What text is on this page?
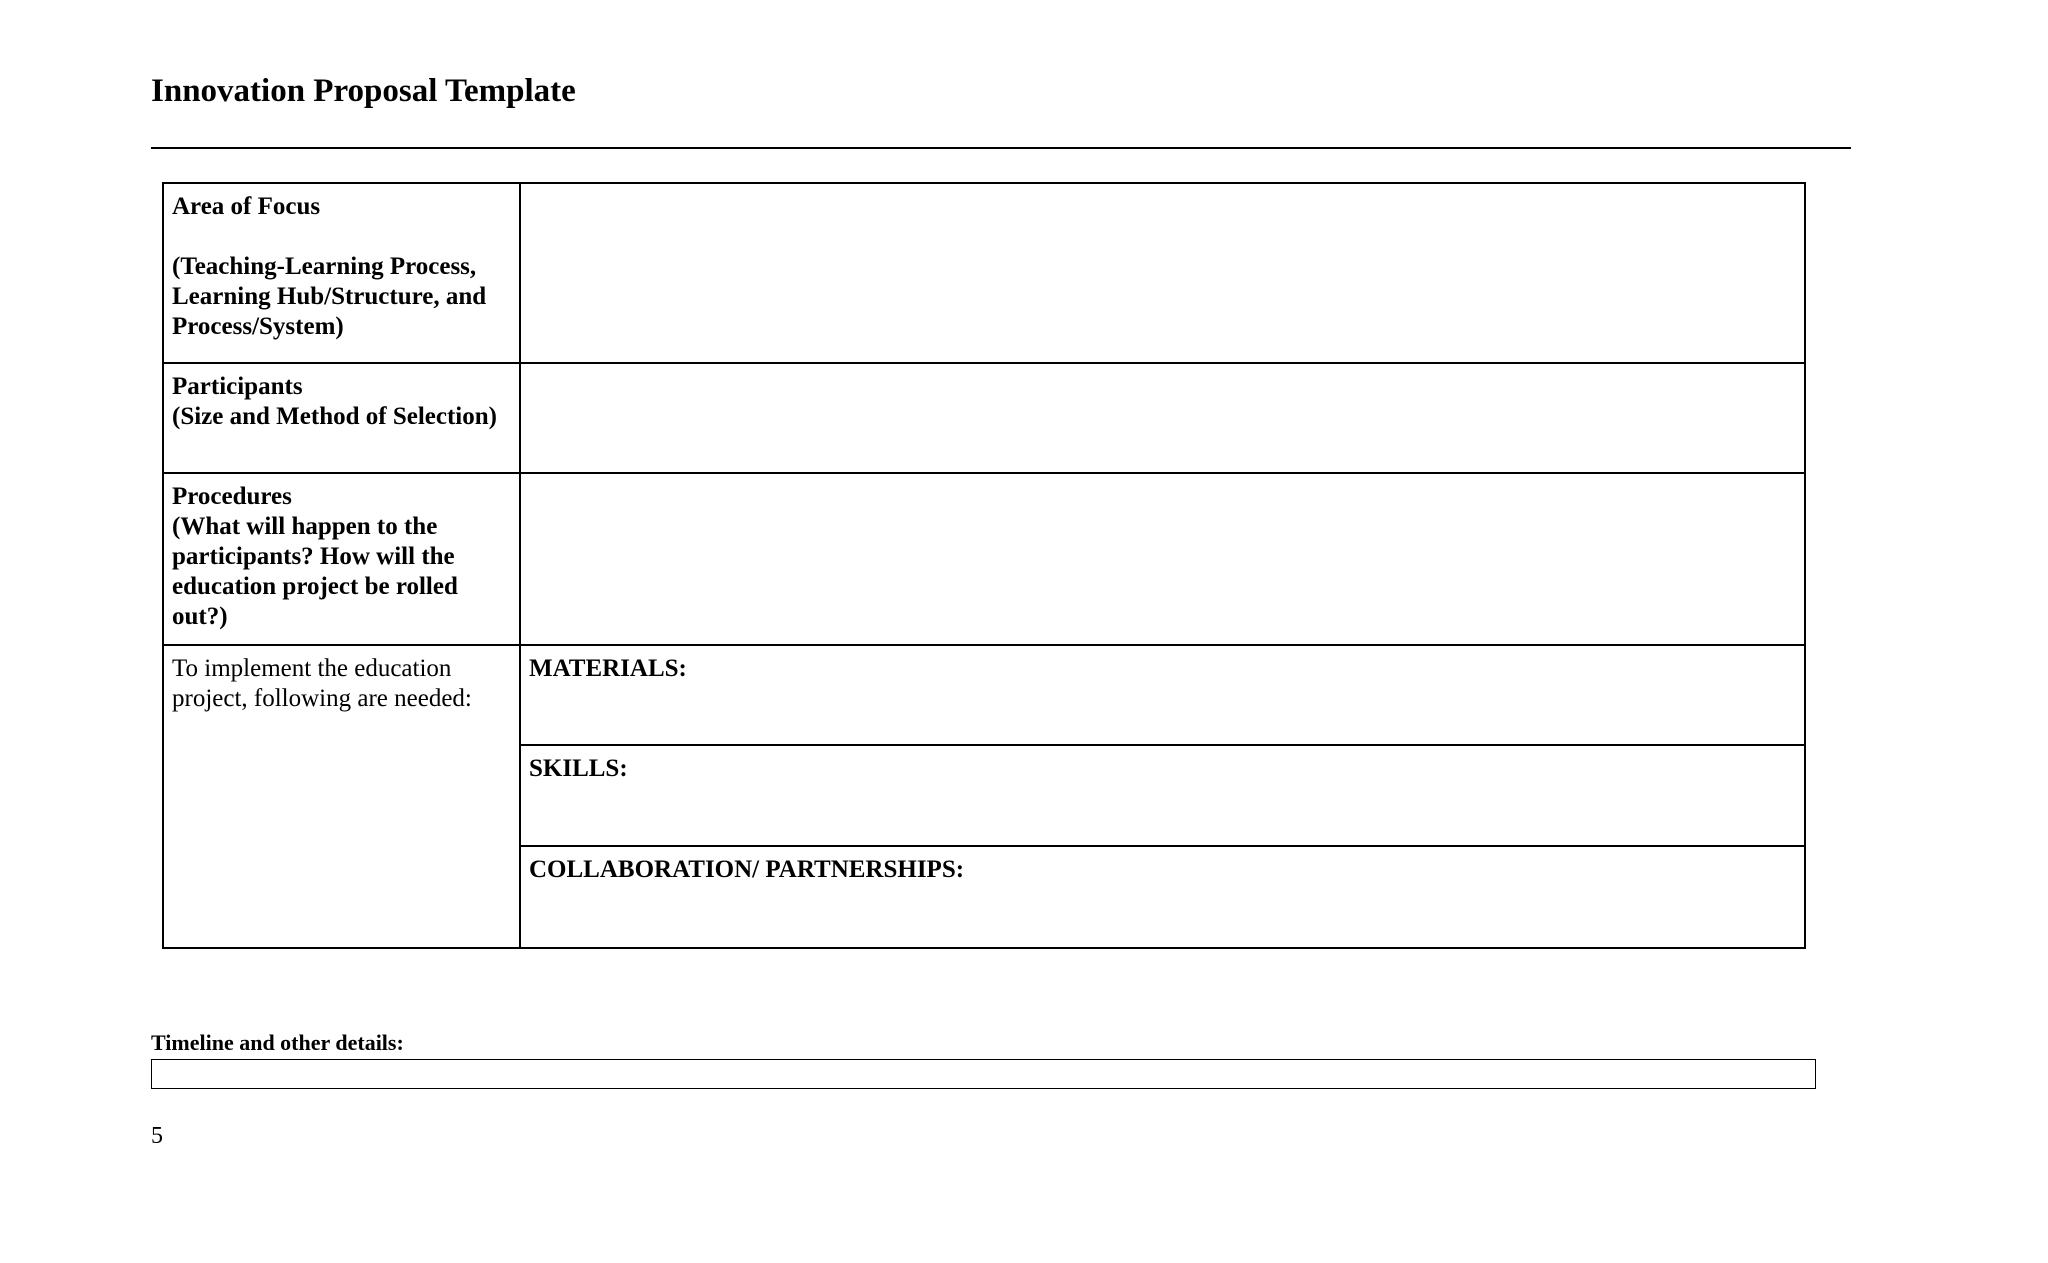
Innovation Proposal Template
Area of Focus
(Teaching-Learning Process, Learning Hub/Structure, and Process/System)	

Participants
(Size and Method of Selection)	

Procedures
(What will happen to the participants? How will the education project be rolled out?)	

To implement the education project, following are needed:	MATERIALS:

	SKILLS:

	COLLABORATION/ PARTNERSHIPS:
Timeline and other details:
5
